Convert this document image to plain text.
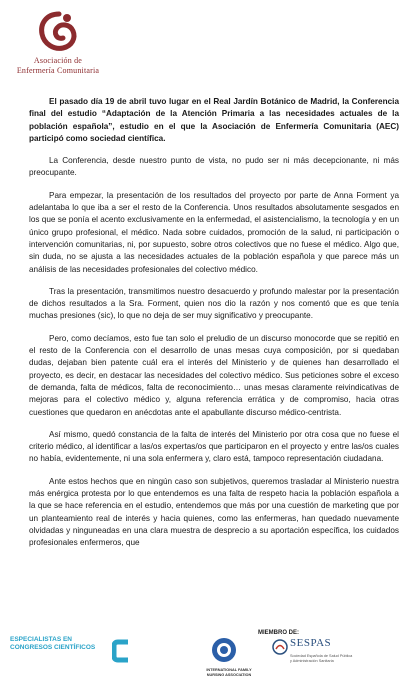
Asociación de
Enfermería Comunitaria

El pasado día 19 de abril tuvo lugar en el Real Jardín Botánico de Madrid, la Conferencia final del estudio “Adaptación de la Atención Primaria a las necesidades actuales de la población española”, estudio en el que la Asociación de Enfermería Comunitaria (AEC) participó como sociedad científica.

La Conferencia, desde nuestro punto de vista, no pudo ser ni más decepcionante, ni más preocupante.

Para empezar, la presentación de los resultados del proyecto por parte de Anna Forment ya adelantaba lo que iba a ser el resto de la Conferencia. Unos resultados absolutamente sesgados en los que se ponía el acento exclusivamente en la enfermedad, el asistencialismo, la tecnología y en un único grupo profesional, el médico. Nada sobre cuidados, promoción de la salud, ni participación o intervención comunitarias, ni, por supuesto, sobre otros colectivos que no fuese el médico. Algo que, sin duda, no se ajusta a las necesidades actuales de la población española y que parece más un análisis de las necesidades profesionales del colectivo médico.

Tras la presentación, transmitimos nuestro desacuerdo y profundo malestar por la presentación de dichos resultados a la Sra. Forment, quien nos dio la razón y nos comentó que es que tenía muchas presiones (sic), lo que no deja de ser muy significativo y preocupante.

Pero, como decíamos, esto fue tan solo el preludio de un discurso monocorde que se repitió en el resto de la Conferencia con el desarrollo de unas mesas cuya composición, por si quedaban dudas, dejaban bien patente cuál era el interés del Ministerio y de quienes han desarrollado el proyecto, es decir, en destacar las necesidades del colectivo médico. Sus peticiones sobre el exceso de demanda, falta de médicos, falta de reconocimiento… unas mesas claramente reivindicativas de mejoras para el colectivo médico y, alguna referencia errática y de compromiso, hacia otras cuestiones que quedaron en anécdotas ante el apabullante discurso médico-centrista.

Así mismo, quedó constancia de la falta de interés del Ministerio por otra cosa que no fuese el criterio médico, al identificar a las/os expertas/os que participaron en el proyecto y entre las/os cuales no había, evidentemente, ni una sola enfermera y, claro está, tampoco representación ciudadana.

Ante estos hechos que en ningún caso son subjetivos, queremos trasladar al Ministerio nuestra más enérgica protesta por lo que entendemos es una falta de respeto hacia la población española a la que se hace referencia en el estudio, entendemos que más por una cuestión de marketing que por un planteamiento real de interés y hacia quienes, como las enfermeras, han quedado nuevamente olvidadas y ninguneadas en una clara muestra de desprecio a su aportación específica, los cuidados profesionales enfermeros, que

ESPECIALISTAS EN
CONGRESOS CIENTÍFICOS
MIEMBRO DE:
INTERNATIONAL FAMILY
NURSING ASSOCIATION
SESPAS
Sociedad Española de Salud Pública
y Administración Sanitaria
